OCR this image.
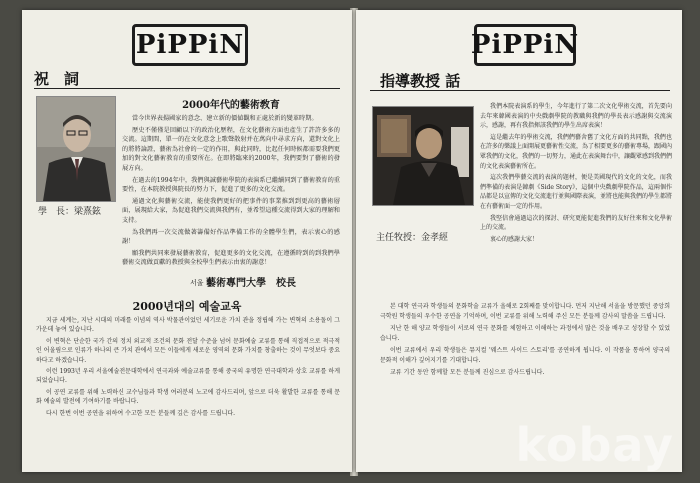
PiPPiN
祝　詞
學　長：梁熹鉉
2000年代的藝術敎育

當今世界表揚國家的意念、建立新的價値觀和正處於新的變革時期。

歷史不僅僅是回顧以下的政治化歷程，在文化藝術方面也產生了許許多多的交流。這期間，單一的在文化意念上歌聲散射并在萬向中尋求方向，還對文化上的將將論證，藝術為社會的一定的作用，與此同時，比起任何時候都需要我們更加的對文化藝術教育的重要所在。在即將臨來的2000年，我們要對了藝術的發展方向。

在過去的1994年中，我們與誠藝術學院的表演系已繼續同到了藝術教育的重要性，在本院教授與院長的努力下，促進了更多的文化交流。

通過文化與藝術交流，能使我們更好的把事件的事業推到到更高的藝術層面，展現給大家，為促進我們交流與我們有，並希望這種交流得到大家的理解和支持。

為我們再一次交流做著籌備好作品準備工作的全體學生們，表示衷心的感謝！

願我們共同來發展藝術教育，促進更多的文化交流，在遵循時到的到我們學藝術交流做貢獻的教授與全校學生們表示由衷的謝意！

서울 藝術專門大學　校長
2000년대의 예술교육

지금 세계는, 지난 시대의 미래를 이념의 역사 박물관이었던 세기로운 가치 관을 정립해 가는 변혁의 소용돌이 그 가운데 놓여 있습니다.

이 변혁은 단순한 국가 간의 정치 외교적 조건의 문화 전달 수준을 넘어 문화예술 교류를 통해 직접적으로 적극적인 어울림으로 인류가 하나의 큰 가치 관에서 모든 이들에게 새로운 영역의 문화 가치를 창출하는 것이 무엇보다 중요하다고 하겠습니다.

이런 1993년 우리 서울예술전문대학에서 연극과와 예술교류를 통해 중국의 유명한 연극대학과 상호 교류를 하게 되었습니다.

이 공연 교류를 위해 노력하신 교수님들과 학생 여러분의 노고에 감사드리며, 앞으로 더욱 활발한 교류를 통해 문화 예술의 발전에 기여하기를 바랍니다.

다시 한번 이번 공연을 위하여 수고한 모든 분들께 깊은 감사를 드립니다.

PiPPiN
指導教授 話
主任牧授：金孝經

我們本院表演系的學生，今年進行了第二次文化學術交流，首先要向去年來韓國表演的中央戲劇學院的教職與我們的學長表示感謝與交流演示，感謝，再有我指揮該我們的學生出席表演！

這是繼去年的學術交流，我們們藝舍舊了文化方面的共同點，我們也在許多的樂議上面開展更藝術性交流，為了相要更多的藝術專場，跟國內眾我們的文化，我們的一切努力，通此在表演舞台中，讓觀眾感到我們們的文化表演藝術所在。

這次我們學藝交流的表演的題材，便是美國現代的文化的文化，而我們準備的表演是韓劇《Side Story》，這個中央戲劇學院作品，這兩個作品都是以宣傳的文化交流進行並與國際表演，並將也能與我們的學生都將在有藝術面一定的作用。

我堅信會通過這次的探討、研究更能促進我們的友好往來和文化學術上的交流。

衷心的感謝大家！

본 대학 연극과 학생들의 문화학술 교류가 올해로 2회째를 맞이합니다. 먼저 지난해 서울을 방문했던 중앙희극학원 학생들의 우수한 공연을 기억하며, 이번 교류를 위해 노력해 주신 모든 분들께 감사의 말씀을 드립니다.

지난 한 해 양교 학생들이 서로의 연극 문화를 체험하고 이해하는 과정에서 많은 것을 배우고 성장할 수 있었습니다.

이번 교류에서 우리 학생들은 뮤지컬 '웨스트 사이드 스토리'를 공연하게 됩니다. 이 작품을 통하여 양국의 문화적 이해가 깊어지기를 기대합니다.

교류 기간 동안 함께할 모든 분들께 진심으로 감사드립니다.

kobay
